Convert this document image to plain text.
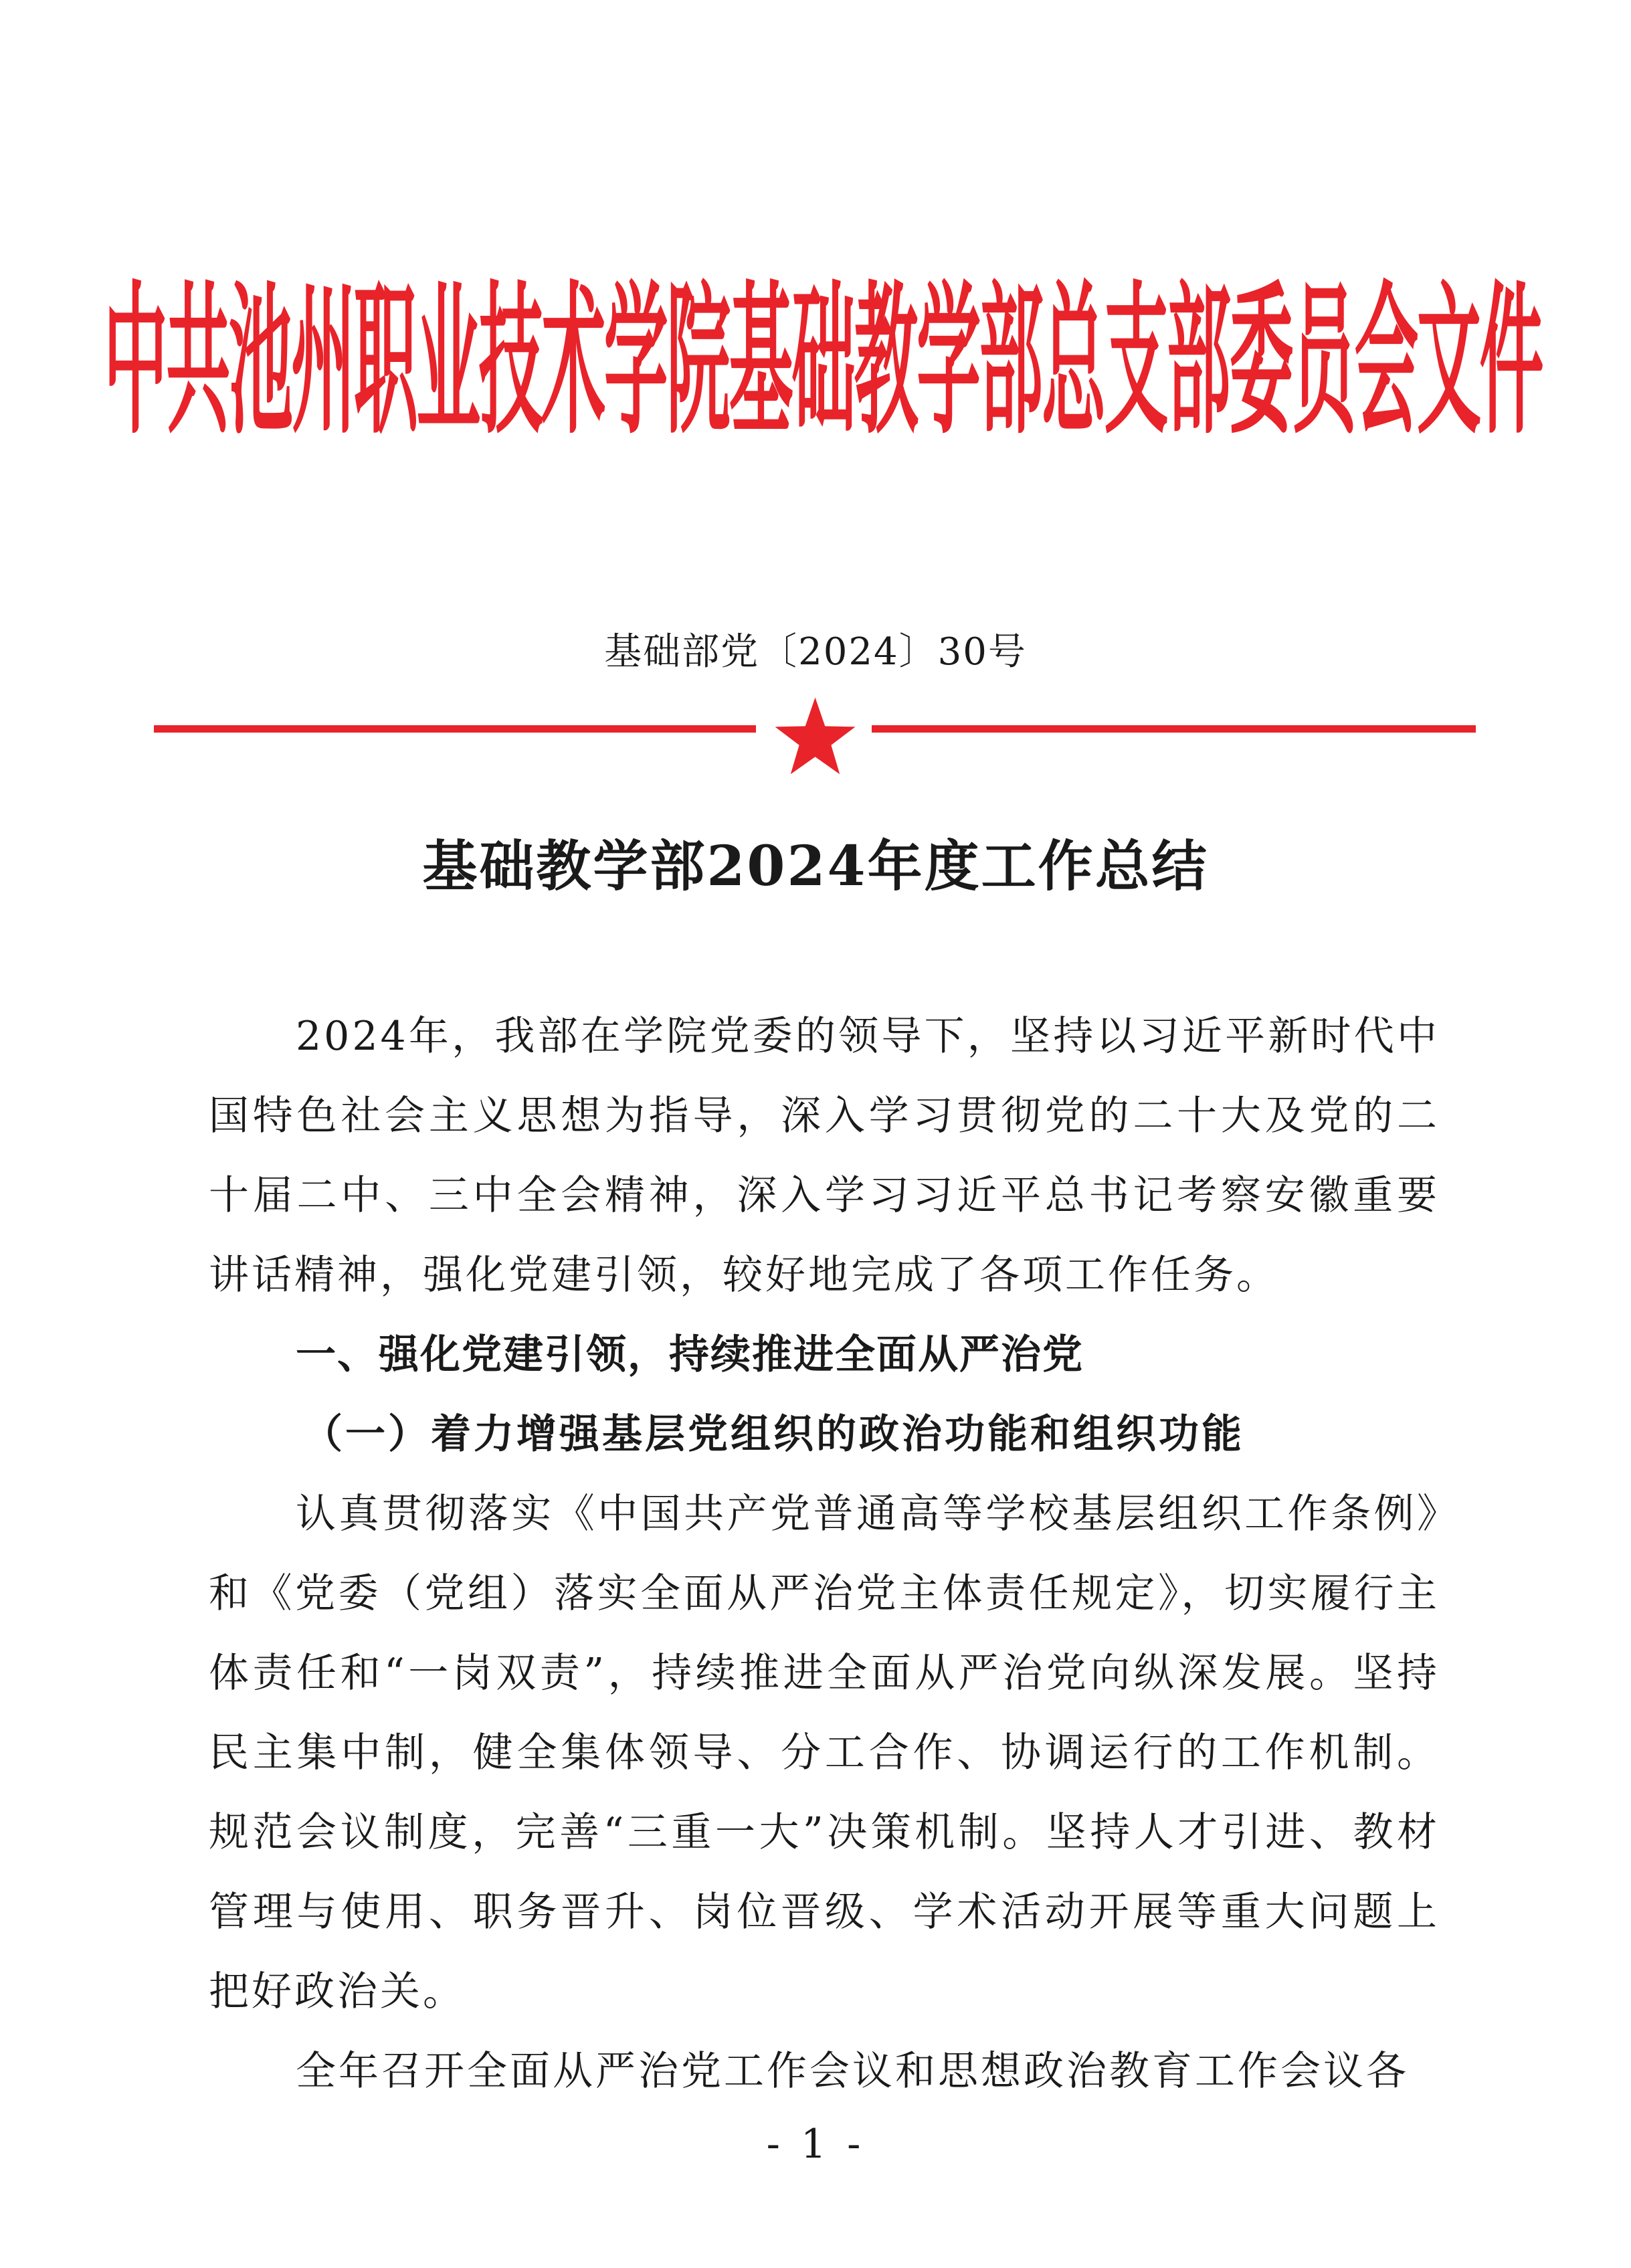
中共池州职业技术学院基础教学部总支部委员会文件
基础部党〔2024〕30号
基础教学部2024年度工作总结

2024年，我部在学院党委的领导下，坚持以习近平新时代中国特色社会主义思想为指导，深入学习贯彻党的二十大及党的二十届二中、三中全会精神，深入学习习近平总书记考察安徽重要讲话精神，强化党建引领，较好地完成了各项工作任务。

一、强化党建引领，持续推进全面从严治党

（一）着力增强基层党组织的政治功能和组织功能

认真贯彻落实《中国共产党普通高等学校基层组织工作条例》和《党委（党组）落实全面从严治党主体责任规定》，切实履行主体责任和“一岗双责”，持续推进全面从严治党向纵深发展。坚持民主集中制，健全集体领导、分工合作、协调运行的工作机制。规范会议制度，完善“三重一大”决策机制。坚持人才引进、教材管理与使用、职务晋升、岗位晋级、学术活动开展等重大问题上把好政治关。

全年召开全面从严治党工作会议和思想政治教育工作会议各

- 1 -
